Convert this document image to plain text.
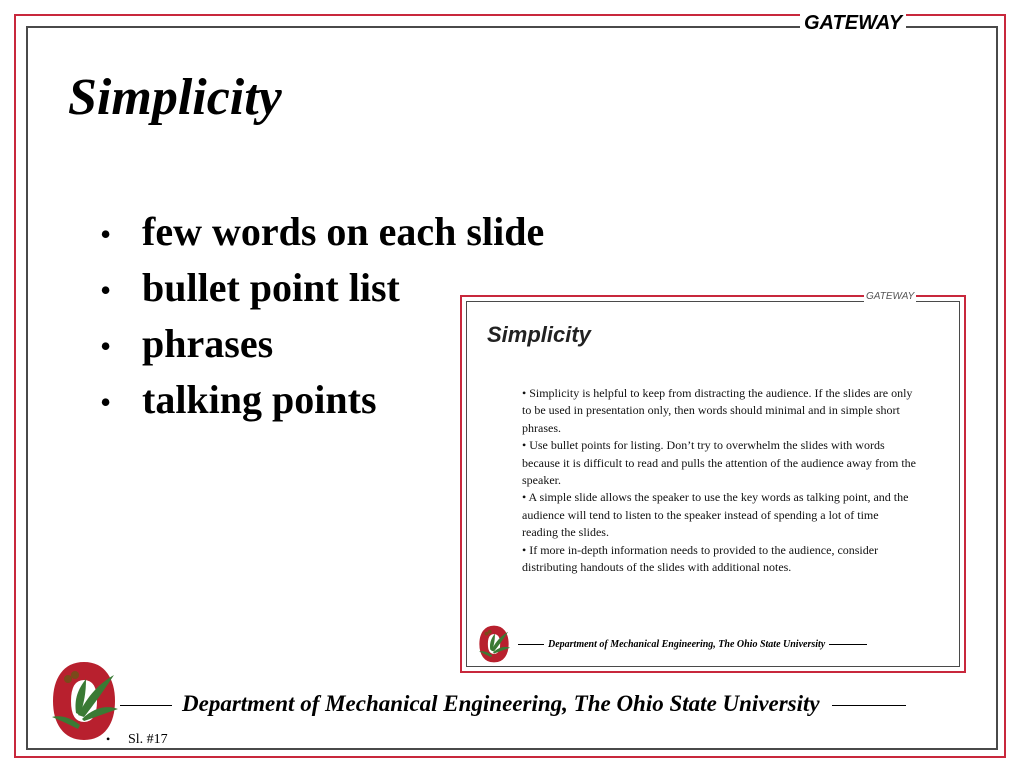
GATEWAY
Simplicity
• few words on each slide
• bullet point list
• phrases
• talking points
GATEWAY
Simplicity

• Simplicity is helpful to keep from distracting the audience. If the slides are only to be used in presentation only, then words should minimal and in simple short phrases.

• Use bullet points for listing. Don’t try to overwhelm the slides with words because it is difficult to read and pulls the attention of the audience away from the speaker.

• A simple slide allows the speaker to use the key words as talking point, and the audience will tend to listen to the speaker instead of spending a lot of time reading the slides.

• If more in-depth information needs to provided to the audience, consider distributing handouts of the slides with additional notes.

Department of Mechanical Engineering, The Ohio State University
Department of Mechanical Engineering, The Ohio State University
• Sl. #17
